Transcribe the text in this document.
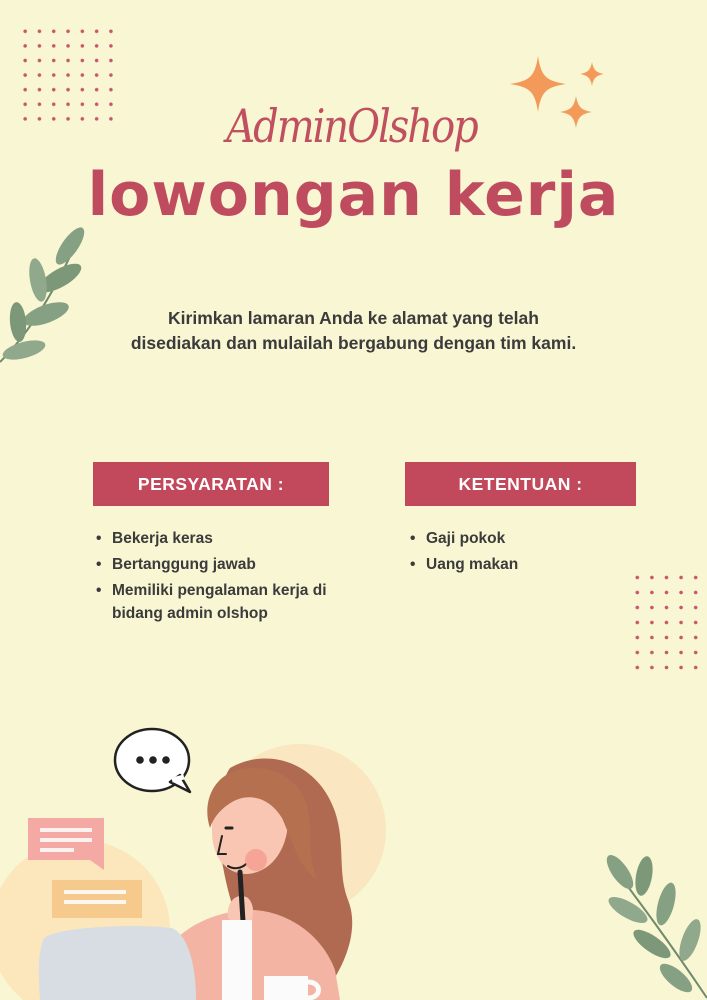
AdminOlshop
lowongan kerja
Kirimkan lamaran Anda ke alamat yang telah disediakan dan mulailah bergabung dengan tim kami.
PERSYARATAN :	KETENTUAN :
• Bekerja keras
• Bertanggung jawab
• Memiliki pengalaman kerja di bidang admin olshop
• Gaji pokok
• Uang makan
